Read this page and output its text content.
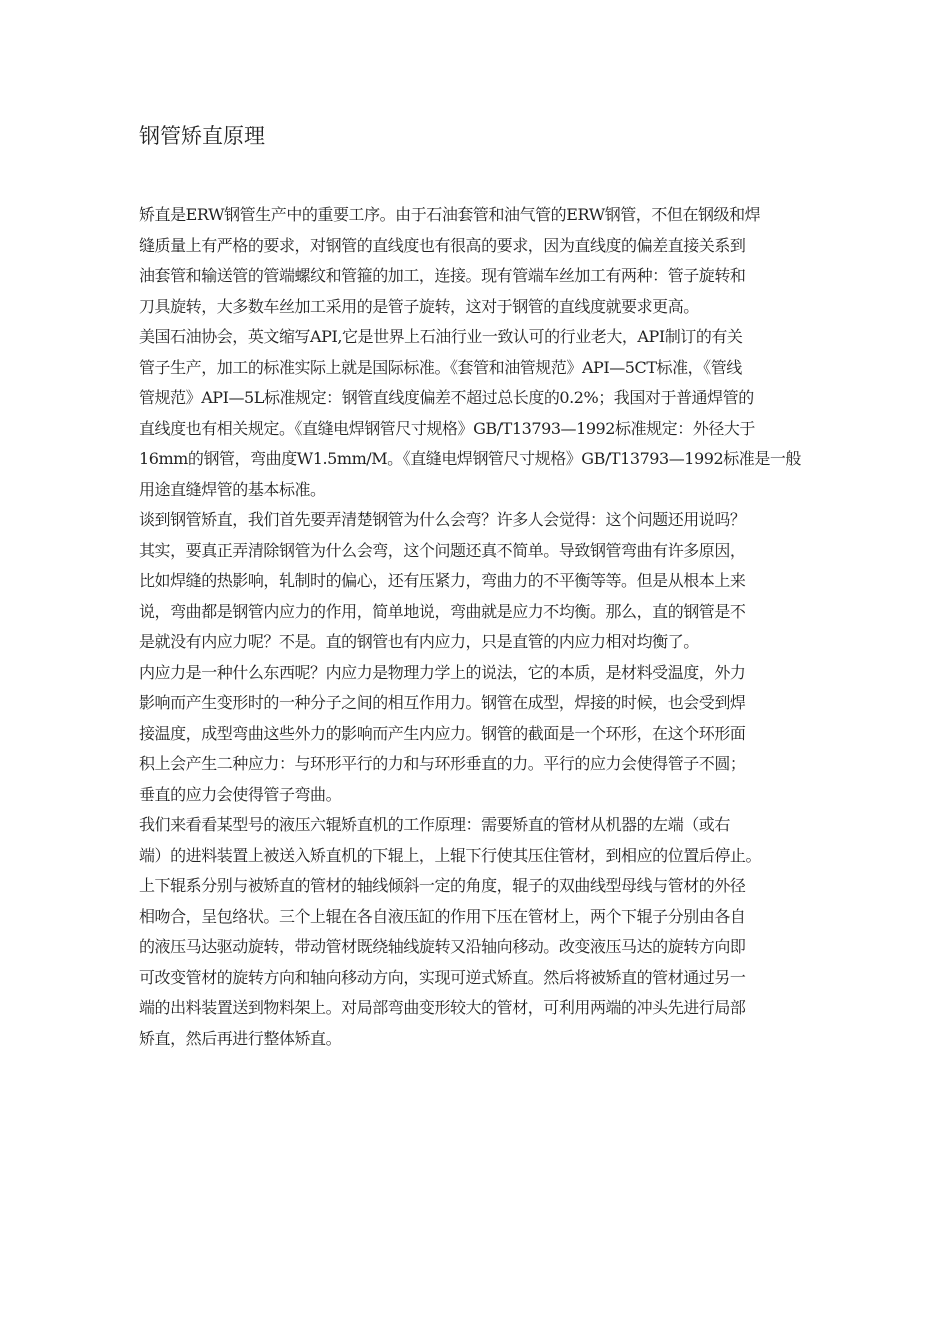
钢管矫直原理

矫直是ERW钢管生产中的重要工序。由于石油套管和油气管的ERW钢管，不但在钢级和焊
缝质量上有严格的要求，对钢管的直线度也有很高的要求，因为直线度的偏差直接关系到
油套管和输送管的管端螺纹和管箍的加工，连接。现有管端车丝加工有两种：管子旋转和
刀具旋转，大多数车丝加工采用的是管子旋转，这对于钢管的直线度就要求更高。

美国石油协会，英文缩写API,它是世界上石油行业一致认可的行业老大，API制订的有关
管子生产，加工的标准实际上就是国际标准。《套管和油管规范》API—5CT标准，《管线
管规范》API—5L标准规定：钢管直线度偏差不超过总长度的0.2%；我国对于普通焊管的
直线度也有相关规定。《直缝电焊钢管尺寸规格》GB/T13793—1992标准规定：外径大于
16mm的钢管，弯曲度W1.5mm/M。《直缝电焊钢管尺寸规格》GB/T13793—1992标准是一般
用途直缝焊管的基本标准。

谈到钢管矫直，我们首先要弄清楚钢管为什么会弯？许多人会觉得：这个问题还用说吗？
其实，要真正弄清除钢管为什么会弯，这个问题还真不简单。导致钢管弯曲有许多原因，
比如焊缝的热影响，轧制时的偏心，还有压紧力，弯曲力的不平衡等等。但是从根本上来
说，弯曲都是钢管内应力的作用，简单地说，弯曲就是应力不均衡。那么，直的钢管是不
是就没有内应力呢？不是。直的钢管也有内应力，只是直管的内应力相对均衡了。

内应力是一种什么东西呢？内应力是物理力学上的说法，它的本质，是材料受温度，外力
影响而产生变形时的一种分子之间的相互作用力。钢管在成型，焊接的时候，也会受到焊
接温度，成型弯曲这些外力的影响而产生内应力。钢管的截面是一个环形，在这个环形面
积上会产生二种应力：与环形平行的力和与环形垂直的力。平行的应力会使得管子不圆；
垂直的应力会使得管子弯曲。

我们来看看某型号的液压六辊矫直机的工作原理：需要矫直的管材从机器的左端（或右
端）的进料装置上被送入矫直机的下辊上，上辊下行使其压住管材，到相应的位置后停止。
上下辊系分别与被矫直的管材的轴线倾斜一定的角度，辊子的双曲线型母线与管材的外径
相吻合，呈包络状。三个上辊在各自液压缸的作用下压在管材上，两个下辊子分别由各自
的液压马达驱动旋转，带动管材既绕轴线旋转又沿轴向移动。改变液压马达的旋转方向即
可改变管材的旋转方向和轴向移动方向，实现可逆式矫直。然后将被矫直的管材通过另一
端的出料装置送到物料架上。对局部弯曲变形较大的管材，可利用两端的冲头先进行局部
矫直，然后再进行整体矫直。
